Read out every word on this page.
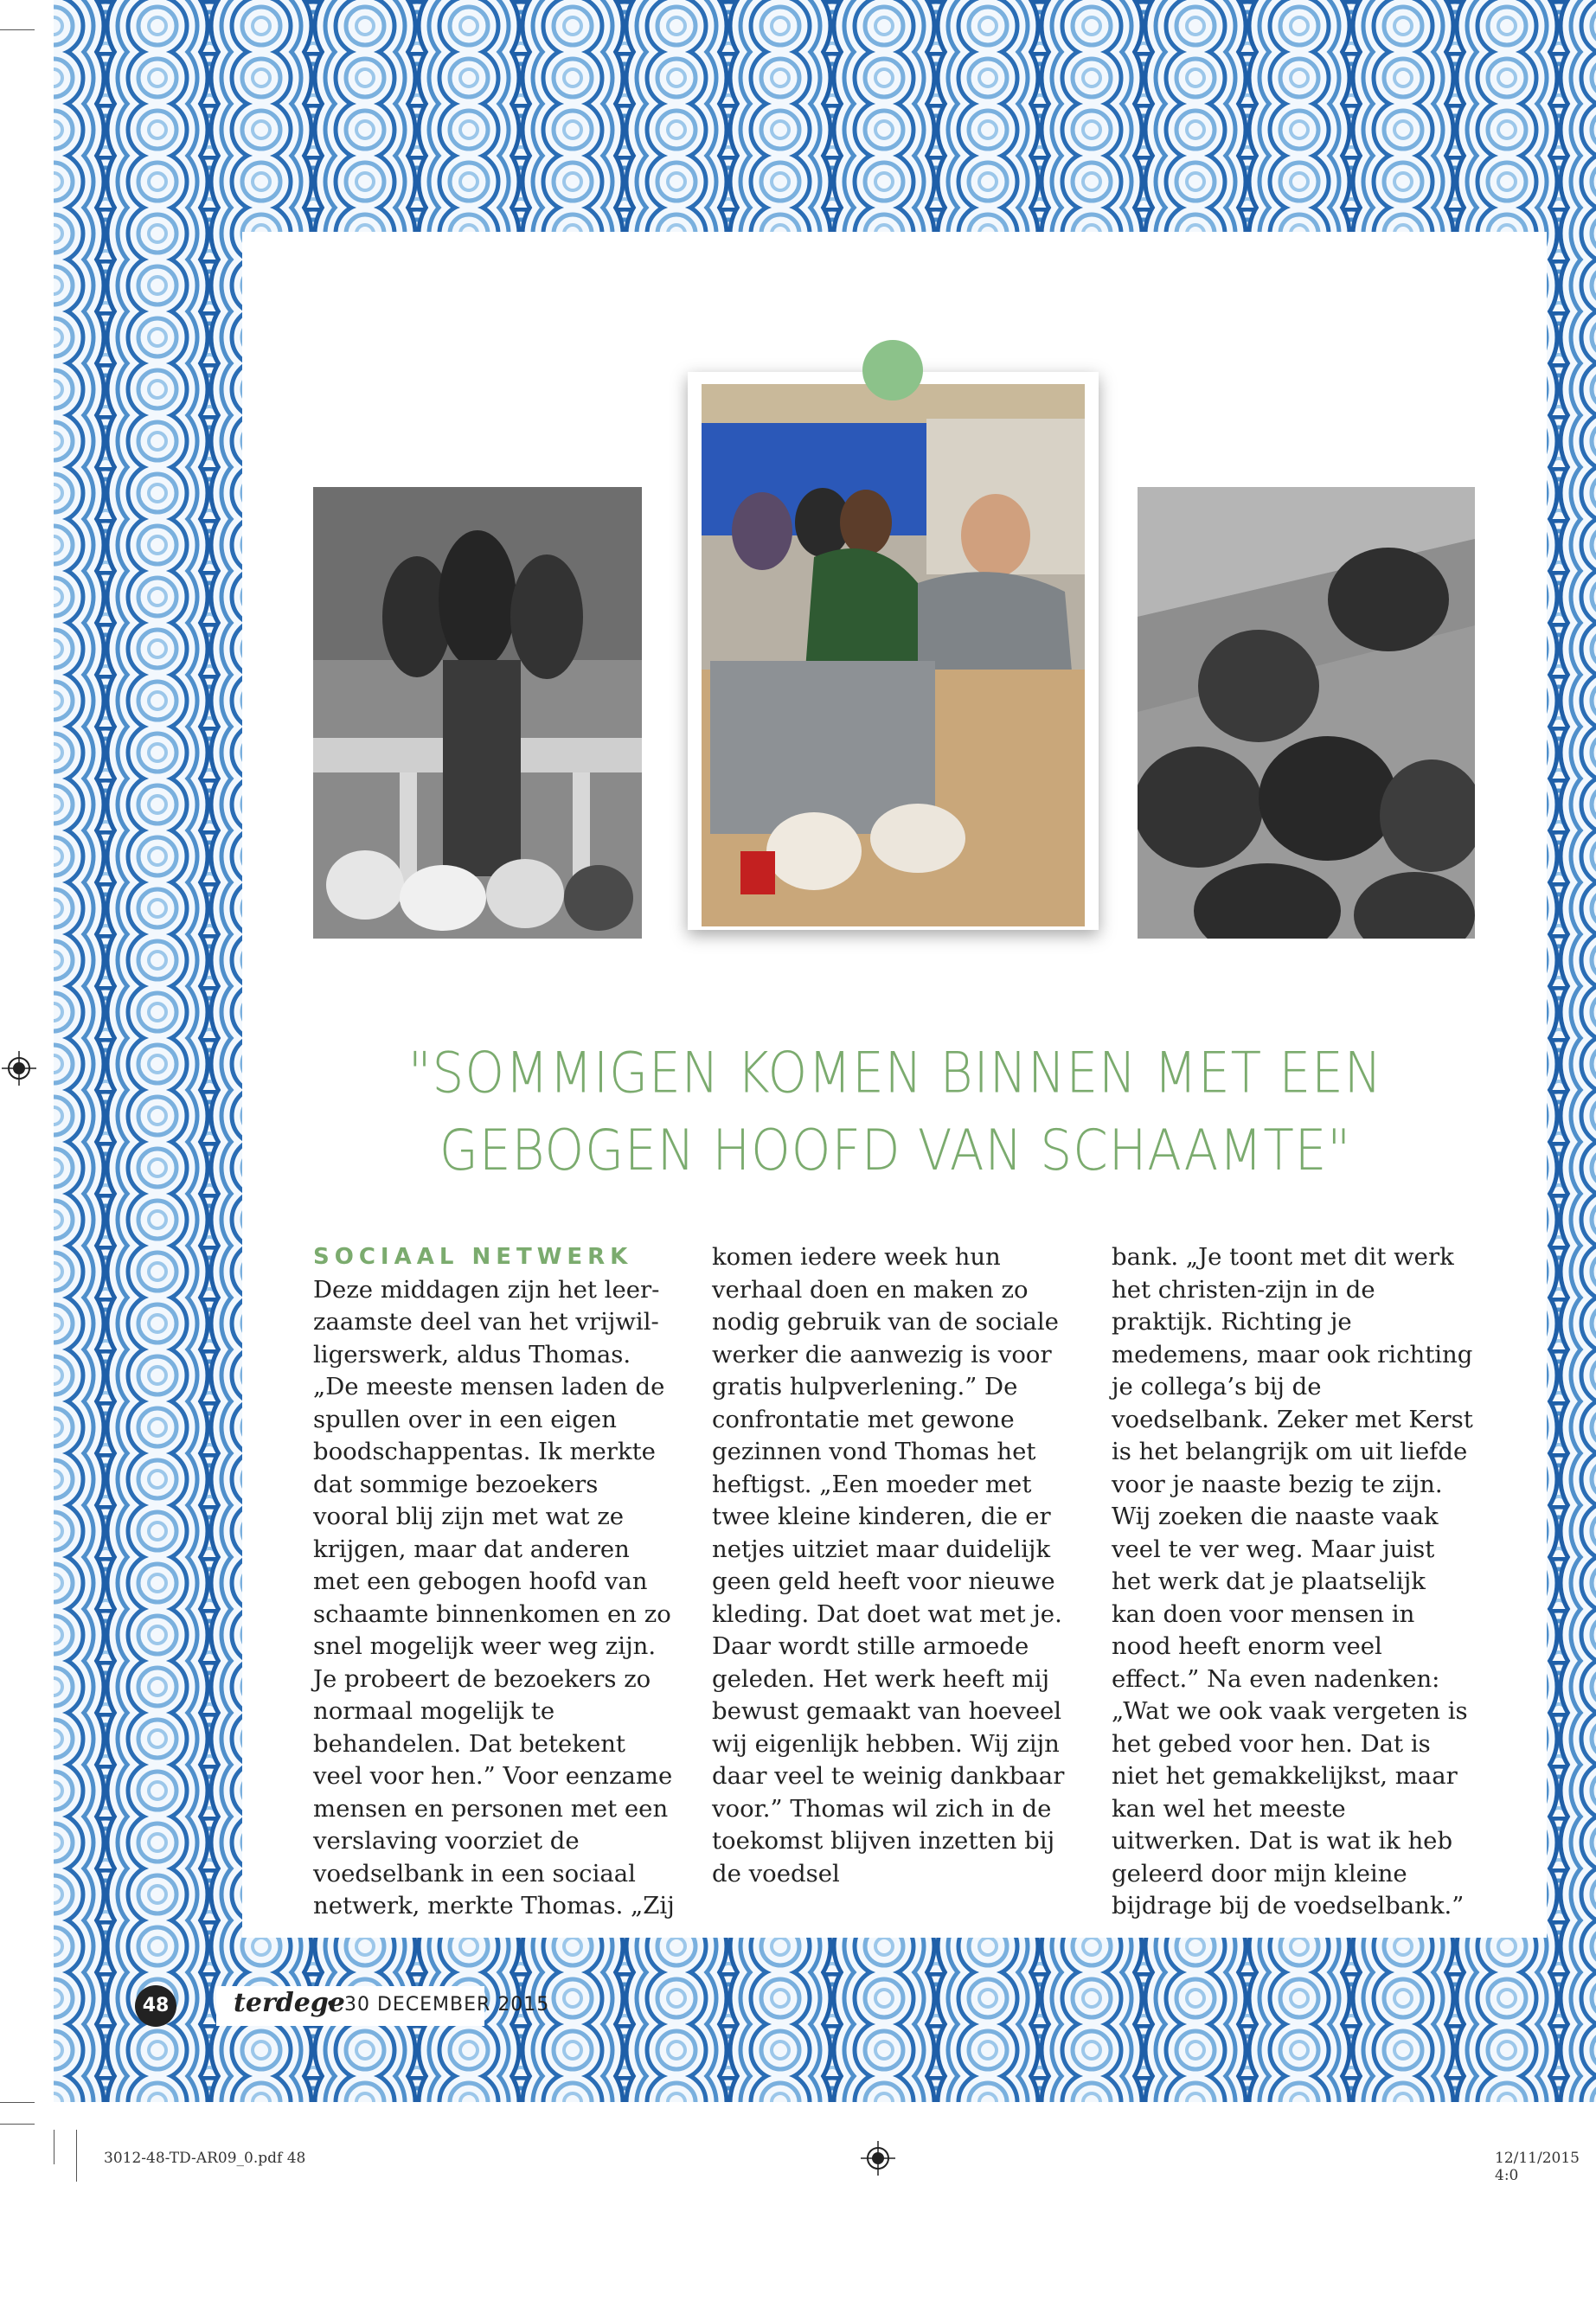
"SOMMIGEN KOMEN BINNEN MET EEN
GEBOGEN HOOFD VAN SCHAAMTE"
SOCIAAL NETWERK

Deze middagen zijn het leerzaamste deel van het vrijwilligerswerk, aldus Thomas. „De meeste mensen laden de spullen over in een eigen boodschappentas. Ik merkte dat sommige bezoekers vooral blij zijn met wat ze krijgen, maar dat anderen met een gebogen hoofd van schaamte binnenkomen en zo snel mogelijk weer weg zijn. Je probeert de bezoekers zo normaal mogelijk te behandelen. Dat betekent veel voor hen.” Voor eenzame mensen en personen met een verslaving voorziet de voedselbank in een sociaal netwerk, merkte Thomas. „Zij

komen iedere week hun verhaal doen en maken zo nodig gebruik van de sociale werker die aanwezig is voor gratis hulpverlening.” De confrontatie met gewone gezinnen vond Thomas het heftigst. „Een moeder met twee kleine kinderen, die er netjes uitziet maar duidelijk geen geld heeft voor nieuwe kleding. Dat doet wat met je. Daar wordt stille armoede geleden. Het werk heeft mij bewust gemaakt van hoeveel wij eigenlijk hebben. Wij zijn daar veel te weinig dankbaar voor.” Thomas wil zich in de toekomst blijven inzetten bij de voedsel

bank. „Je toont met dit werk het christen-zijn in de praktijk. Richting je medemens, maar ook richting je collega’s bij de voedselbank. Zeker met Kerst is het belangrijk om uit liefde voor je naaste bezig te zijn. Wij zoeken die naaste vaak veel te ver weg. Maar juist het werk dat je plaatselijk kan doen voor mensen in nood heeft enorm veel effect.” Na even nadenken: „Wat we ook vaak vergeten is het gebed voor hen. Dat is niet het gemakkelijkst, maar kan wel het meeste uitwerken. Dat is wat ik heb geleerd door mijn kleine bijdrage bij de voedselbank.”

48 terdege
• 30 DECEMBER 2015
3012-48-TD-AR09_0.pdf 48	12/11/2015 4:0
